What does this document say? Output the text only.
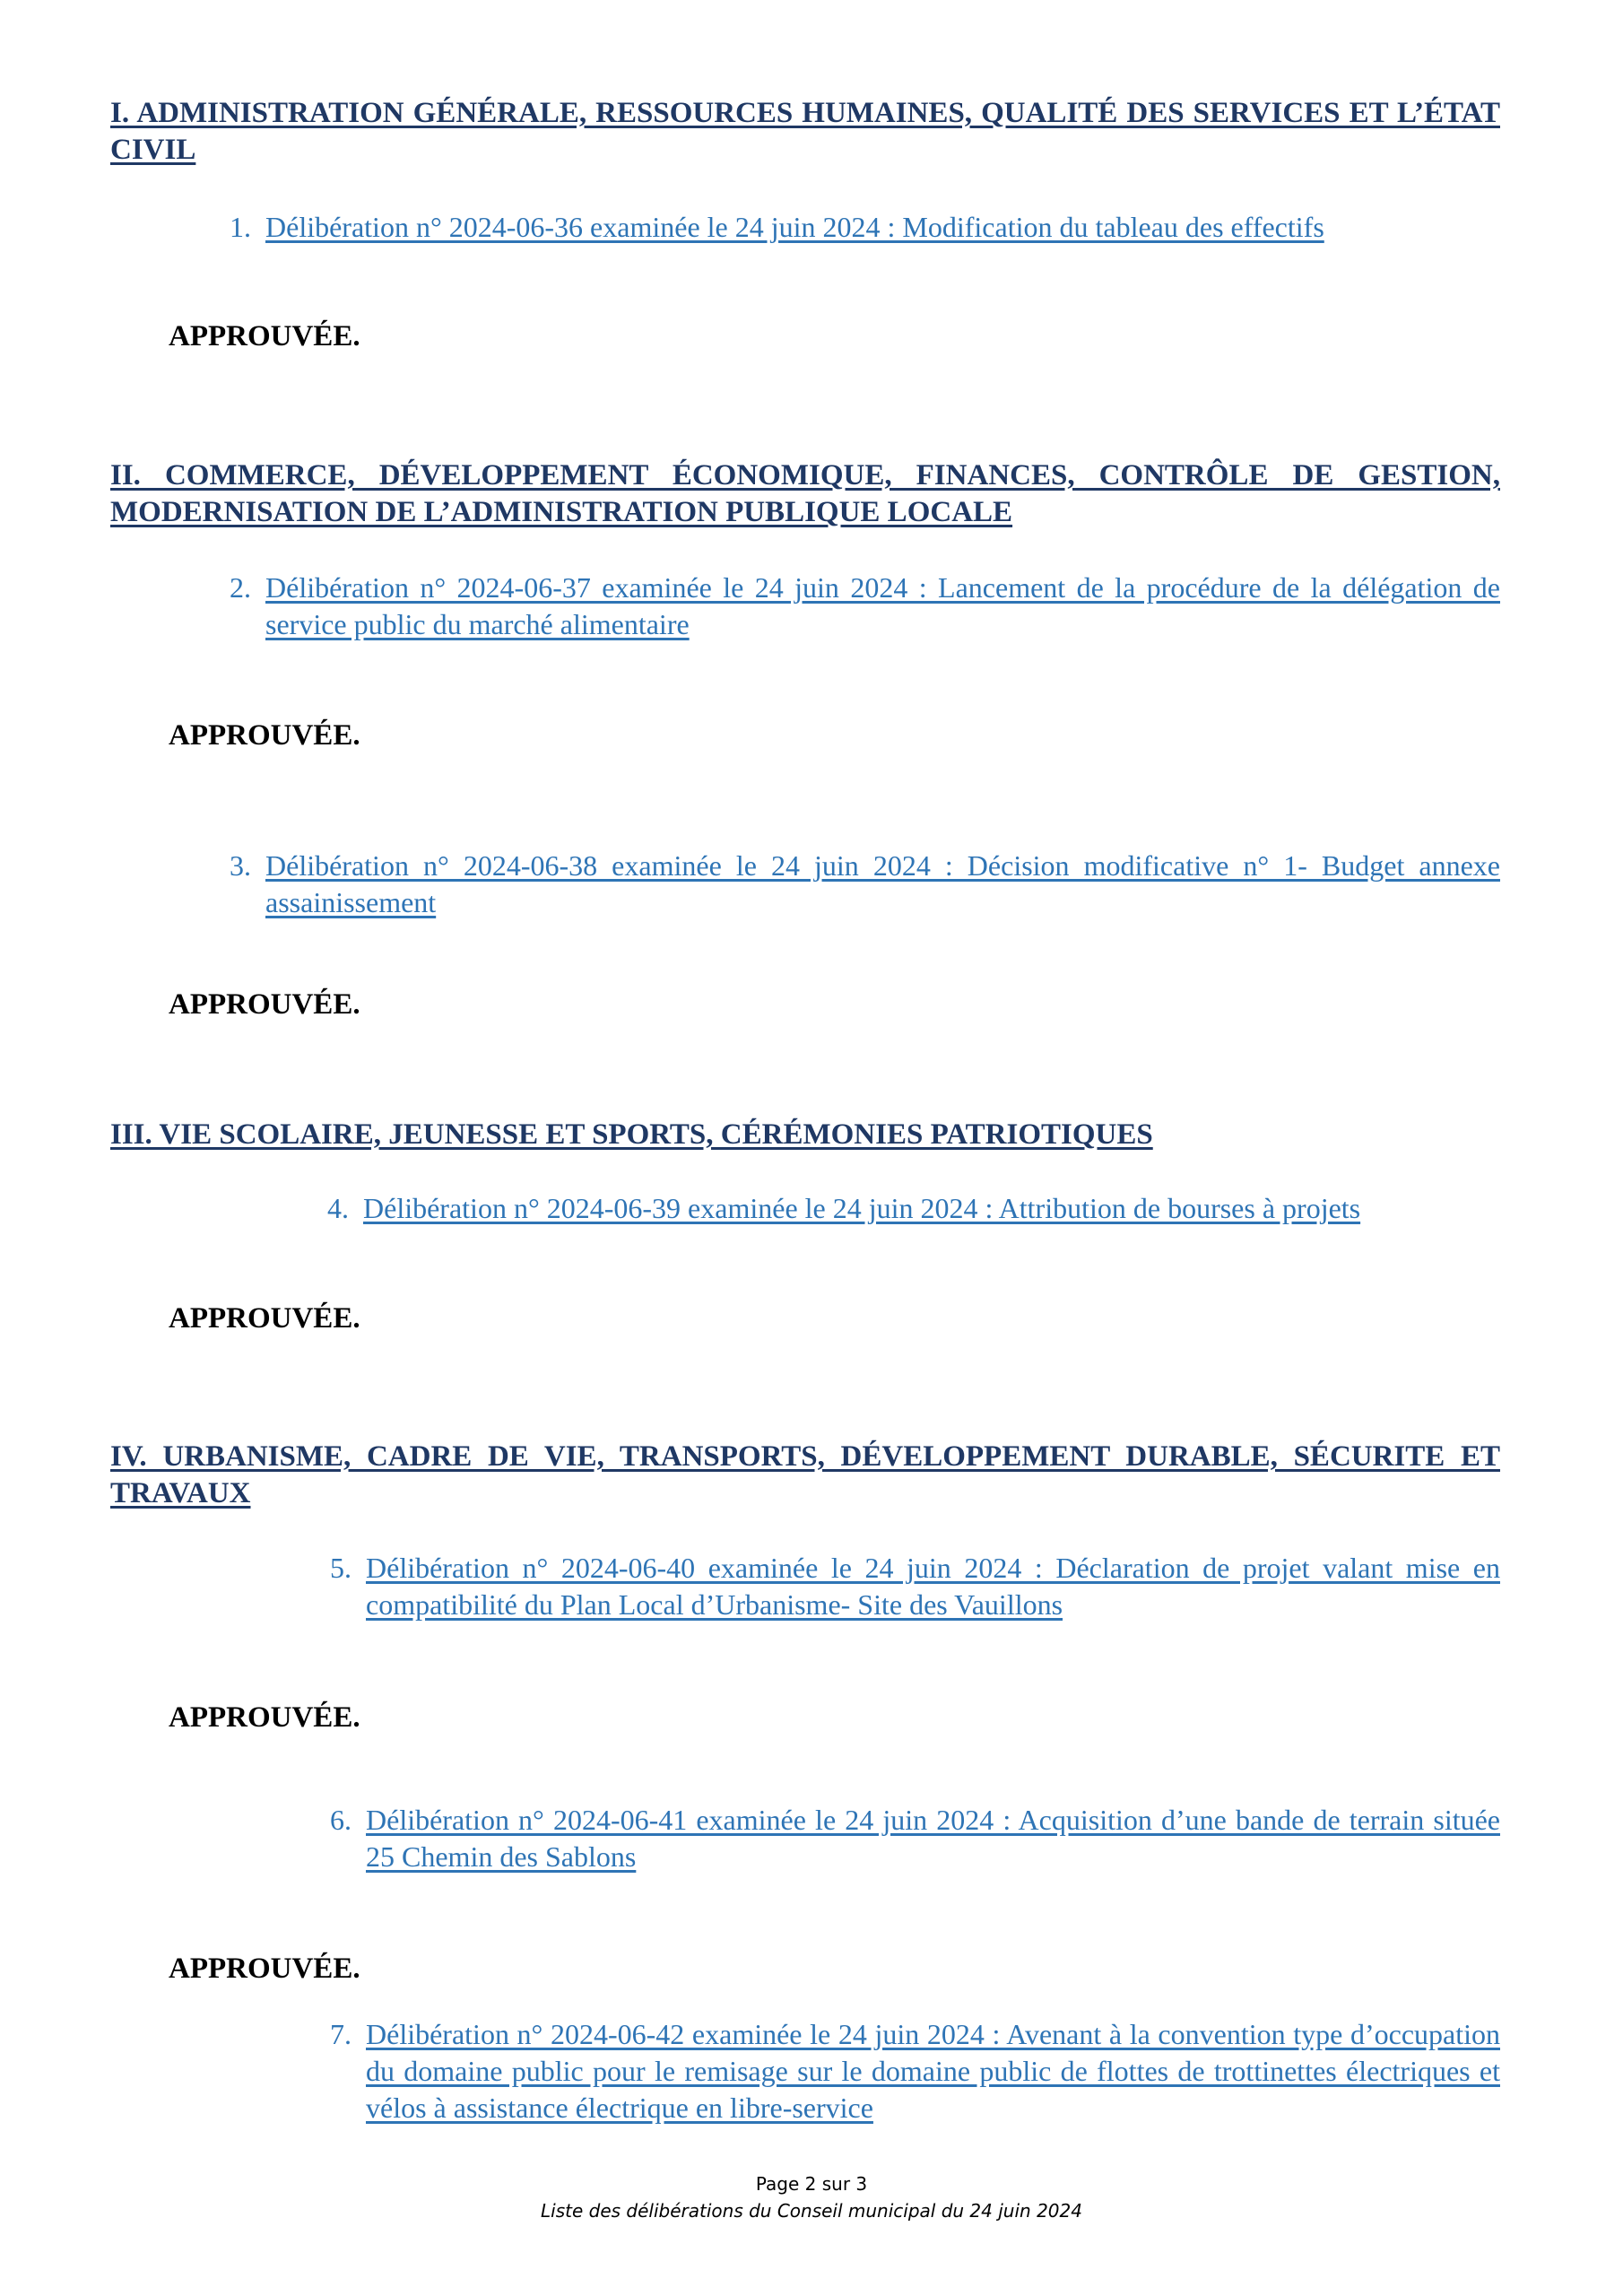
I. ADMINISTRATION GÉNÉRALE, RESSOURCES HUMAINES, QUALITÉ DES SERVICES ET L’ÉTAT CIVIL
1. Délibération n° 2024-06-36 examinée le 24 juin 2024 : Modification du tableau des effectifs

APPROUVÉE.

II. COMMERCE, DÉVELOPPEMENT ÉCONOMIQUE, FINANCES, CONTRÔLE DE GESTION, MODERNISATION DE L’ADMINISTRATION PUBLIQUE LOCALE
2. Délibération n° 2024-06-37 examinée le 24 juin 2024 : Lancement de la procédure de la délégation de service public du marché alimentaire

APPROUVÉE.

3. Délibération n° 2024-06-38 examinée le 24 juin 2024 : Décision modificative n° 1- Budget annexe assainissement

APPROUVÉE.

III. VIE SCOLAIRE, JEUNESSE ET SPORTS, CÉRÉMONIES PATRIOTIQUES
4. Délibération n° 2024-06-39 examinée le 24 juin 2024 : Attribution de bourses à projets

APPROUVÉE.

IV. URBANISME, CADRE DE VIE, TRANSPORTS, DÉVELOPPEMENT DURABLE, SÉCURITE ET TRAVAUX
5. Délibération n° 2024-06-40 examinée le 24 juin 2024 : Déclaration de projet valant mise en compatibilité du Plan Local d’Urbanisme- Site des Vauillons

APPROUVÉE.

6. Délibération n° 2024-06-41 examinée le 24 juin 2024 : Acquisition d’une bande de terrain située 25 Chemin des Sablons

APPROUVÉE.

7. Délibération n° 2024-06-42 examinée le 24 juin 2024 : Avenant à la convention type d’occupation du domaine public pour le remisage sur le domaine public de flottes de trottinettes électriques et vélos à assistance électrique en libre-service
Page 2 sur 3
Liste des délibérations du Conseil municipal du 24 juin 2024
